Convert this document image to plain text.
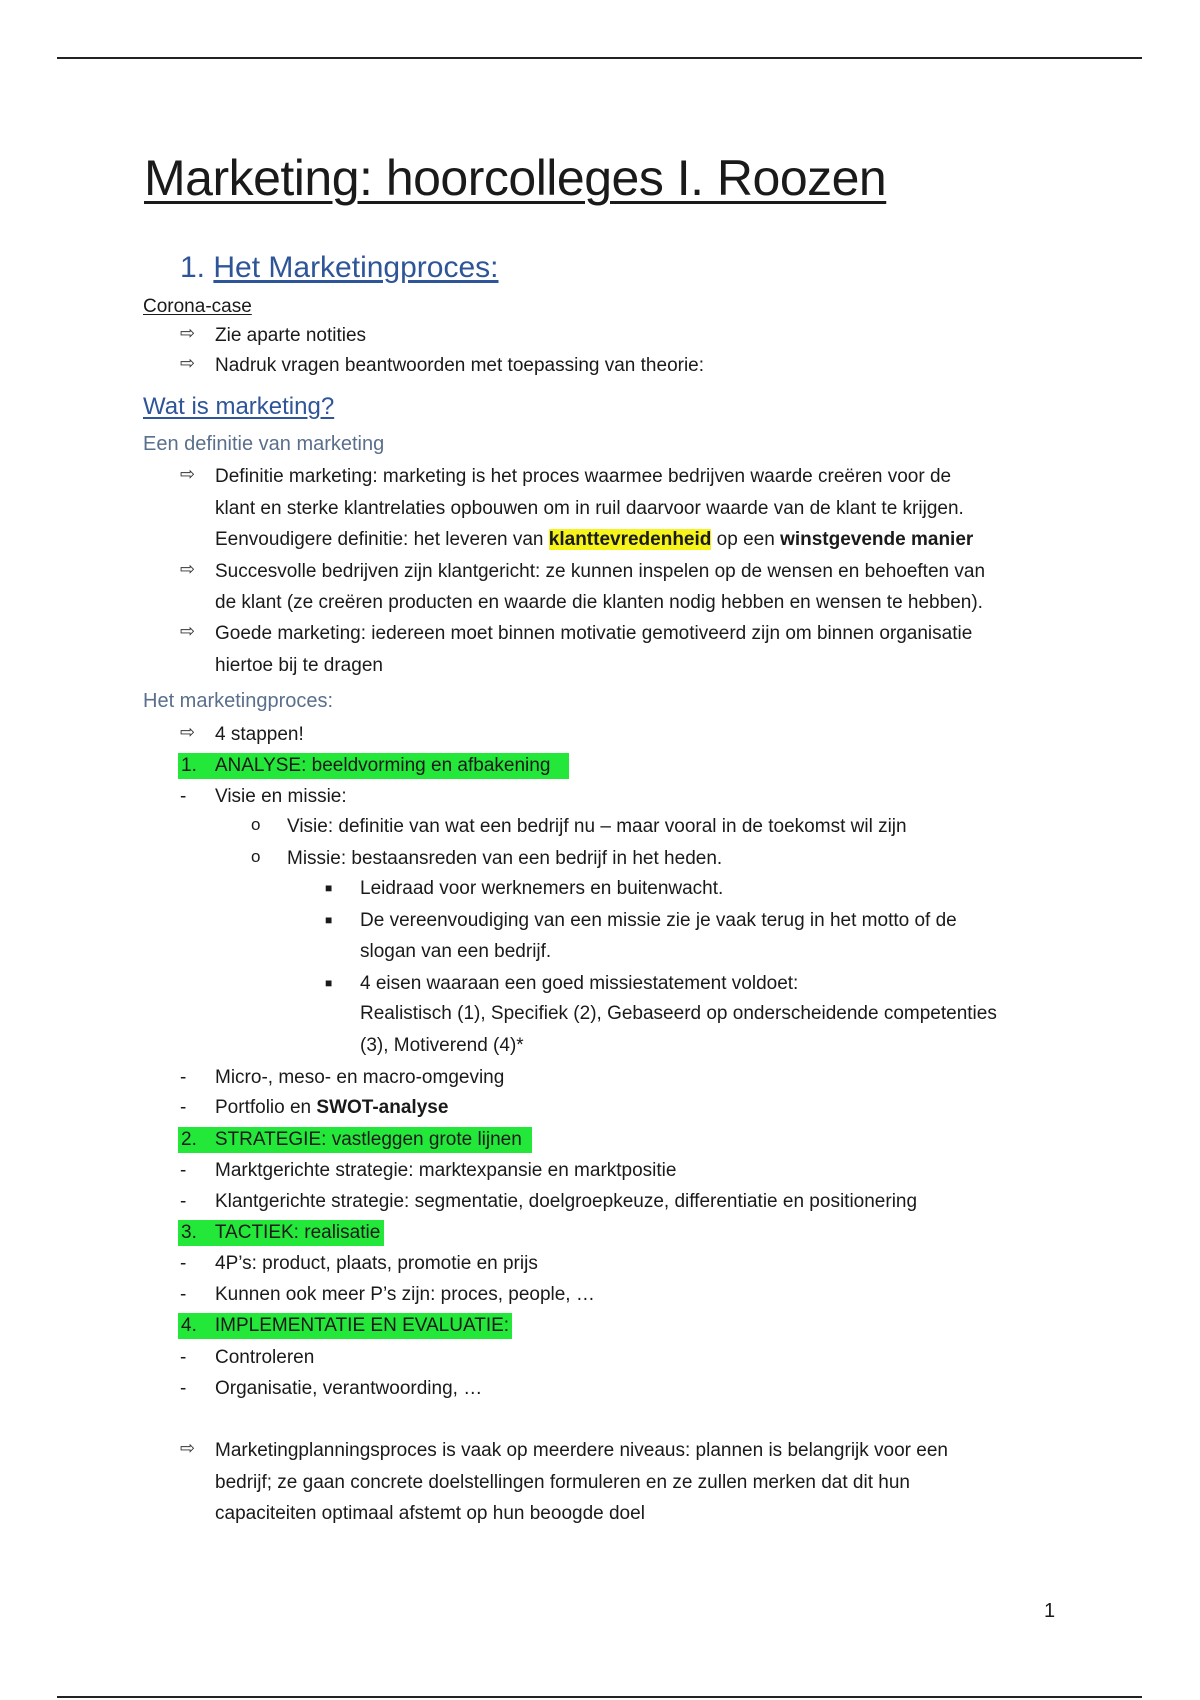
Marketing: hoorcolleges I. Roozen
1. Het Marketingproces:
Corona-case
⇨ Zie aparte notities
⇨ Nadruk vragen beantwoorden met toepassing van theorie:
Wat is marketing?
Een definitie van marketing
⇨ Definitie marketing: marketing is het proces waarmee bedrijven waarde creëren voor de
klant en sterke klantrelaties opbouwen om in ruil daarvoor waarde van de klant te krijgen.
Eenvoudigere definitie: het leveren van klanttevredenheid op een winstgevende manier
⇨ Succesvolle bedrijven zijn klantgericht: ze kunnen inspelen op de wensen en behoeften van
de klant (ze creëren producten en waarde die klanten nodig hebben en wensen te hebben).
⇨ Goede marketing: iedereen moet binnen motivatie gemotiveerd zijn om binnen organisatie
hiertoe bij te dragen
Het marketingproces:
⇨ 4 stappen!
1. ANALYSE: beeldvorming en afbakening
- Visie en missie:
o Visie: definitie van wat een bedrijf nu – maar vooral in de toekomst wil zijn
o Missie: bestaansreden van een bedrijf in het heden.
■ Leidraad voor werknemers en buitenwacht.
■ De vereenvoudiging van een missie zie je vaak terug in het motto of de
slogan van een bedrijf.
■ 4 eisen waaraan een goed missiestatement voldoet:
Realistisch (1), Specifiek (2), Gebaseerd op onderscheidende competenties
(3), Motiverend (4)*
- Micro-, meso- en macro-omgeving
- Portfolio en SWOT-analyse
2. STRATEGIE: vastleggen grote lijnen
- Marktgerichte strategie: marktexpansie en marktpositie
- Klantgerichte strategie: segmentatie, doelgroepkeuze, differentiatie en positionering
3. TACTIEK: realisatie
- 4P’s: product, plaats, promotie en prijs
- Kunnen ook meer P’s zijn: proces, people, …
4. IMPLEMENTATIE EN EVALUATIE:
- Controleren
- Organisatie, verantwoording, …
⇨ Marketingplanningsproces is vaak op meerdere niveaus: plannen is belangrijk voor een
bedrijf; ze gaan concrete doelstellingen formuleren en ze zullen merken dat dit hun
capaciteiten optimaal afstemt op hun beoogde doel
1
